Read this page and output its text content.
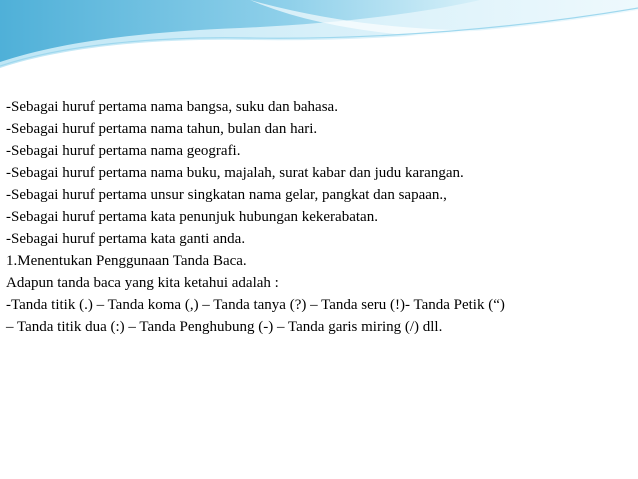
-Sebagai huruf pertama nama bangsa, suku dan bahasa.
-Sebagai huruf pertama nama tahun, bulan dan hari.
-Sebagai huruf pertama nama geografi.
-Sebagai huruf pertama nama buku, majalah, surat kabar dan judu karangan.
-Sebagai huruf pertama unsur singkatan nama gelar, pangkat dan sapaan.,
-Sebagai huruf pertama kata penunjuk hubungan kekerabatan.
-Sebagai huruf pertama kata ganti anda.
1.Menentukan Penggunaan Tanda Baca.
Adapun tanda baca yang kita ketahui adalah :
-Tanda titik (.) – Tanda koma (,) – Tanda tanya (?) – Tanda seru (!)- Tanda Petik (“)
– Tanda titik dua (:) – Tanda Penghubung (-) – Tanda garis miring (/) dll.
